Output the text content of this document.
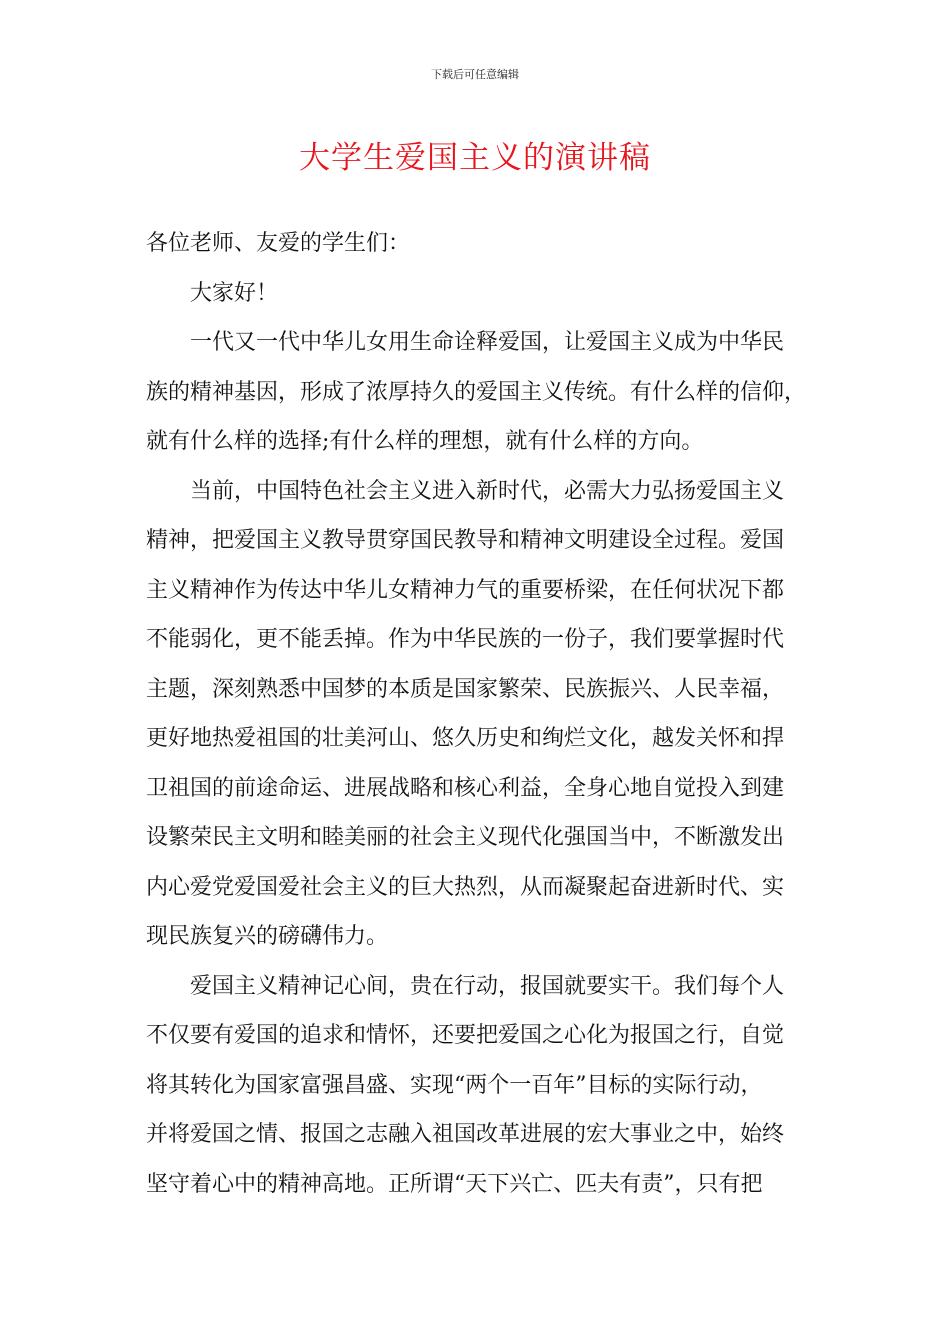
下载后可任意编辑
大学生爱国主义的演讲稿
各位老师、友爱的学生们：
大家好！
一代又一代中华儿女用生命诠释爱国，让爱国主义成为中华民
族的精神基因，形成了浓厚持久的爱国主义传统。有什么样的信仰，
就有什么样的选择;有什么样的理想，就有什么样的方向。
当前，中国特色社会主义进入新时代，必需大力弘扬爱国主义
精神，把爱国主义教导贯穿国民教导和精神文明建设全过程。爱国
主义精神作为传达中华儿女精神力气的重要桥梁，在任何状况下都
不能弱化，更不能丢掉。作为中华民族的一份子，我们要掌握时代
主题，深刻熟悉中国梦的本质是国家繁荣、民族振兴、人民幸福，
更好地热爱祖国的壮美河山、悠久历史和绚烂文化，越发关怀和捍
卫祖国的前途命运、进展战略和核心利益，全身心地自觉投入到建
设繁荣民主文明和睦美丽的社会主义现代化强国当中，不断激发出
内心爱党爱国爱社会主义的巨大热烈，从而凝聚起奋进新时代、实
现民族复兴的磅礴伟力。
爱国主义精神记心间，贵在行动，报国就要实干。我们每个人
不仅要有爱国的追求和情怀，还要把爱国之心化为报国之行，自觉
将其转化为国家富强昌盛、实现“两个一百年”目标的实际行动，
并将爱国之情、报国之志融入祖国改革进展的宏大事业之中，始终
坚守着心中的精神高地。正所谓“天下兴亡、匹夫有责”，只有把
